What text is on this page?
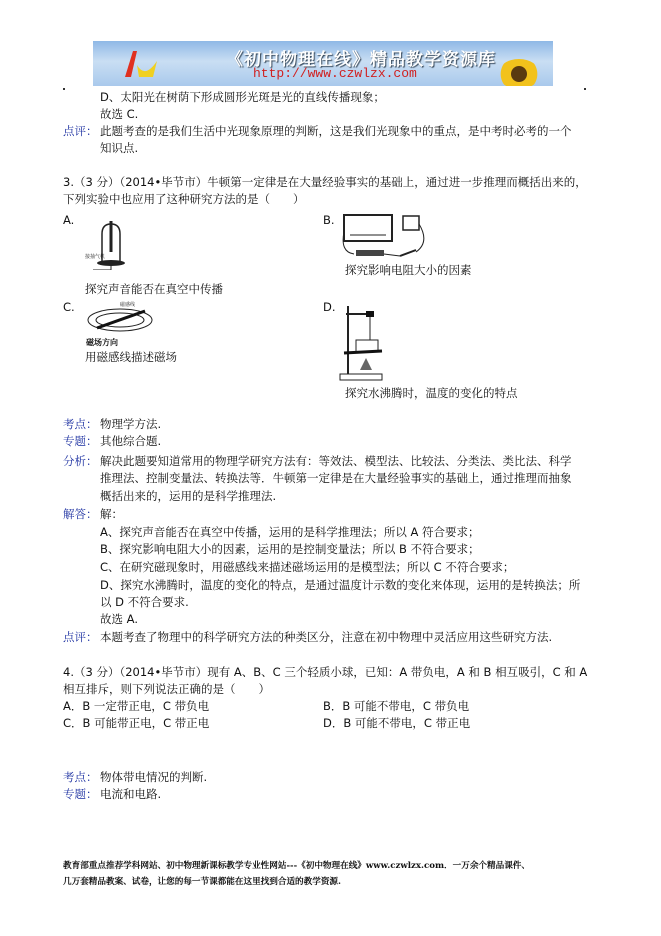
《初中物理在线》精品教学资源库
http://www.czwlzx.com
D、太阳光在树荫下形成圆形光斑是光的直线传播现象；
故选 C.
点评： 此题考查的是我们生活中光现象原理的判断，这是我们光现象中的重点，是中考时必考的一个
知识点.
3.（3 分）（2014•毕节市）牛顿第一定律是在大量经验事实的基础上，通过进一步推理而概括出来的，
下列实验中也应用了这种研究方法的是（　　）
A.
接抽气机
探究声音能否在真空中传播
B.
探究影响电阻大小的因素
C.	磁感线
磁场方向
用磁感线描述磁场
D.
探究水沸腾时，温度的变化的特点
考点： 物理学方法.
专题： 其他综合题.
分析： 解决此题要知道常用的物理学研究方法有：等效法、模型法、比较法、分类法、类比法、科学
推理法、控制变量法、转换法等．牛顿第一定律是在大量经验事实的基础上，通过推理而抽象
概括出来的，运用的是科学推理法.
解答： 解：
A、探究声音能否在真空中传播，运用的是科学推理法；所以 A 符合要求；
B、探究影响电阻大小的因素，运用的是控制变量法；所以 B 不符合要求；
C、在研究磁现象时，用磁感线来描述磁场运用的是模型法；所以 C 不符合要求；
D、探究水沸腾时，温度的变化的特点，是通过温度计示数的变化来体现，运用的是转换法；所
以 D 不符合要求.
故选 A.
点评： 本题考查了物理中的科学研究方法的种类区分，注意在初中物理中灵活应用这些研究方法.
4.（3 分）（2014•毕节市）现有 A、B、C 三个轻质小球，已知：A 带负电，A 和 B 相互吸引，C 和 A
相互排斥，则下列说法正确的是（　　）
A．B 一定带正电，C 带负电	B．B 可能不带电，C 带负电
C．B 可能带正电，C 带正电	D．B 可能不带电，C 带正电
考点： 物体带电情况的判断.
专题： 电流和电路.
教育部重点推荐学科网站、初中物理新课标教学专业性网站---《初中物理在线》www.czwlzx.com．一万余个精品课件、
几万套精品教案、试卷，让您的每一节课都能在这里找到合适的教学资源.
